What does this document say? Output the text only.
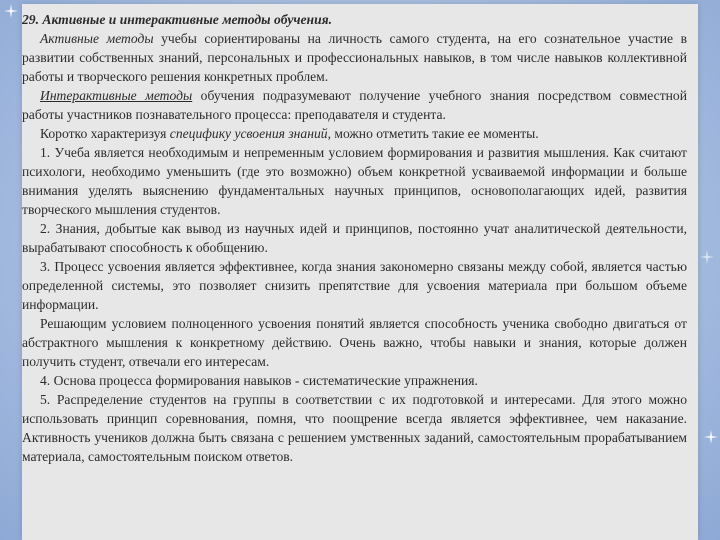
29. Активные и интерактивные методы обучения.

Активные методы учебы сориентированы на личность самого студента, на его сознательное участие в развитии собственных знаний, персональных и профессиональных навыков, в том числе навыков коллективной работы и творческого решения конкретных проблем.

Интерактивные методы обучения подразумевают получение учебного знания посредством совместной работы участников познавательного процесса: преподавателя и студента.

Коротко характеризуя специфику усвоения знаний, можно отметить такие ее моменты.

1. Учеба является необходимым и непременным условием формирования и развития мышления. Как считают психологи, необходимо уменьшить (где это возможно) объем конкретной усваиваемой информации и больше внимания уделять выяснению фундаментальных научных принципов, основополагающих идей, развития творческого мышления студентов.

2. Знания, добытые как вывод из научных идей и принципов, постоянно учат аналитической деятельности, вырабатывают способность к обобщению.

3. Процесс усвоения является эффективнее, когда знания закономерно связаны между собой, является частью определенной системы, это позволяет снизить препятствие для усвоения материала при большом объеме информации.

Решающим условием полноценного усвоения понятий является способность ученика свободно двигаться от абстрактного мышления к конкретному действию. Очень важно, чтобы навыки и знания, которые должен получить студент, отвечали его интересам.

4. Основа процесса формирования навыков - систематические упражнения.

5. Распределение студентов на группы в соответствии с их подготовкой и интересами. Для этого можно использовать принцип соревнования, помня, что поощрение всегда является эффективнее, чем наказание. Активность учеников должна быть связана с решением умственных заданий, самостоятельным прорабатыванием материала, самостоятельным поиском ответов.
